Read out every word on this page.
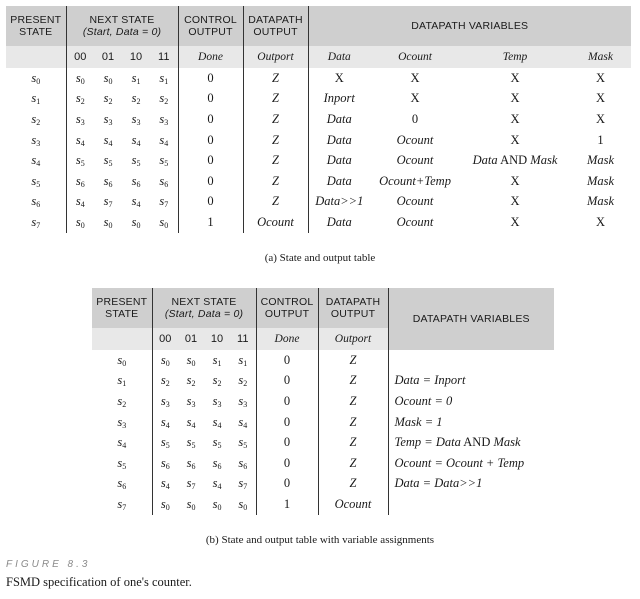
PRESENT STATE	NEXT STATE
(Start, Data = 0)				CONTROL OUTPUT	DATAPATH OUTPUT	DATAPATH VARIABLES			
	00	01	10	11	Done	Outport	Data	Ocount	Temp	Mask
$s_0$	$s_0$	$s_0$	$s_1$	$s_1$	0	Z	X	X	X	X
$s_1$	$s_2$	$s_2$	$s_2$	$s_2$	0	Z	Inport	X	X	X
$s_2$	$s_3$	$s_3$	$s_3$	$s_3$	0	Z	Data	0	X	X
$s_3$	$s_4$	$s_4$	$s_4$	$s_4$	0	Z	Data	Ocount	X	1
$s_4$	$s_5$	$s_5$	$s_5$	$s_5$	0	Z	Data	Ocount	Data AND Mask	Mask
$s_5$	$s_6$	$s_6$	$s_6$	$s_6$	0	Z	Data	Ocount+Temp	X	Mask
$s_6$	$s_4$	$s_7$	$s_4$	$s_7$	0	Z	Data>>1	Ocount	X	Mask
$s_7$	$s_0$	$s_0$	$s_0$	$s_0$	1	Ocount	Data	Ocount	X	X
(a) State and output table
PRESENT STATE	NEXT STATE
(Start, Data = 0)				CONTROL OUTPUT	DATAPATH OUTPUT	DATAPATH VARIABLES
	00	01	10	11	Done	Outport	
$s_0$	$s_0$	$s_0$	$s_1$	$s_1$	0	Z	
$s_1$	$s_2$	$s_2$	$s_2$	$s_2$	0	Z	Data = Inport
$s_2$	$s_3$	$s_3$	$s_3$	$s_3$	0	Z	Ocount = 0
$s_3$	$s_4$	$s_4$	$s_4$	$s_4$	0	Z	Mask = 1
$s_4$	$s_5$	$s_5$	$s_5$	$s_5$	0	Z	Temp = Data AND Mask
$s_5$	$s_6$	$s_6$	$s_6$	$s_6$	0	Z	Ocount = Ocount + Temp
$s_6$	$s_4$	$s_7$	$s_4$	$s_7$	0	Z	Data = Data>>1
$s_7$	$s_0$	$s_0$	$s_0$	$s_0$	1	Ocount	
(b) State and output table with variable assignments
FIGURE 8.3
FSMD specification of one's counter.
